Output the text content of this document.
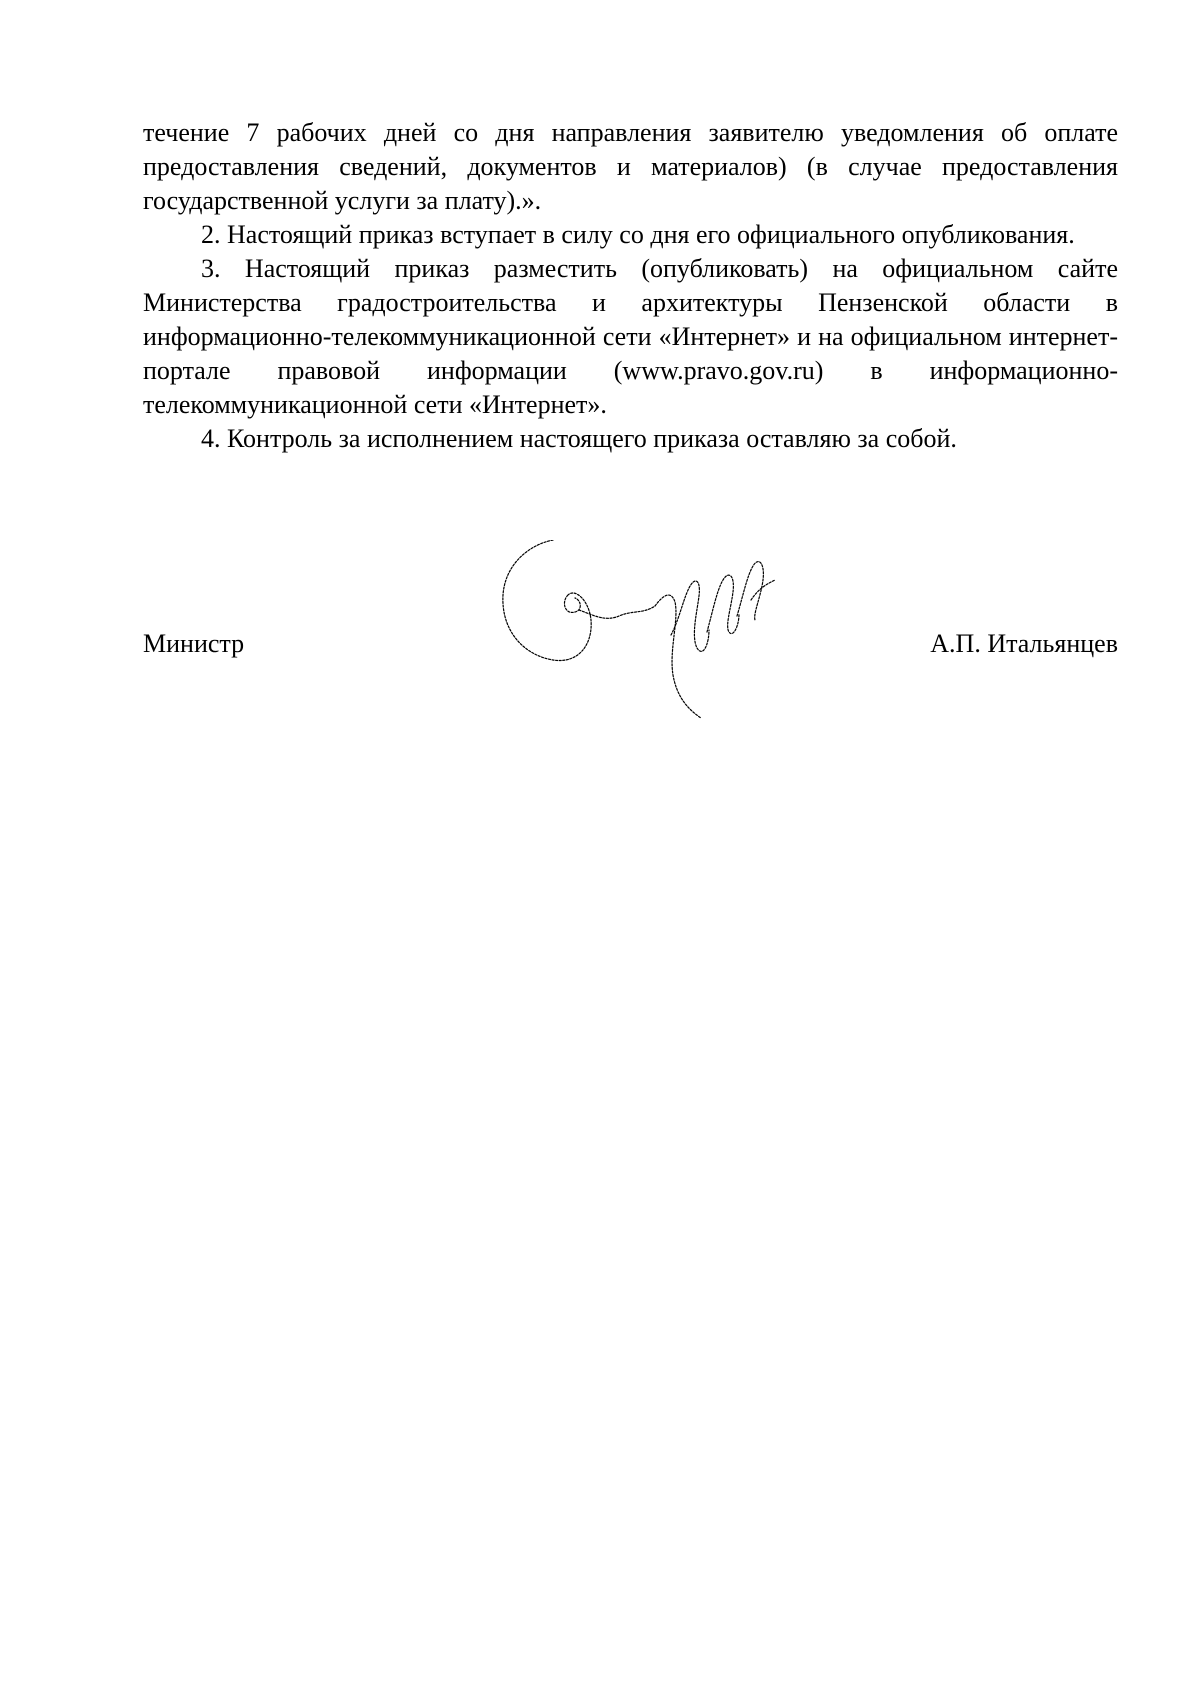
течение 7 рабочих дней со дня направления заявителю уведомления об оплате предоставления сведений, документов и материалов) (в случае предоставления государственной услуги за плату).».

2. Настоящий приказ вступает в силу со дня его официального опубликования.

3. Настоящий приказ разместить (опубликовать) на официальном сайте Министерства градостроительства и архитектуры Пензенской области в информационно-телекоммуникационной сети «Интернет» и на официальном интернет-портале правовой информации (www.pravo.gov.ru) в информационно-телекоммуникационной сети «Интернет».

4. Контроль за исполнением настоящего приказа оставляю за собой.

Министр	А.П. Итальянцев
